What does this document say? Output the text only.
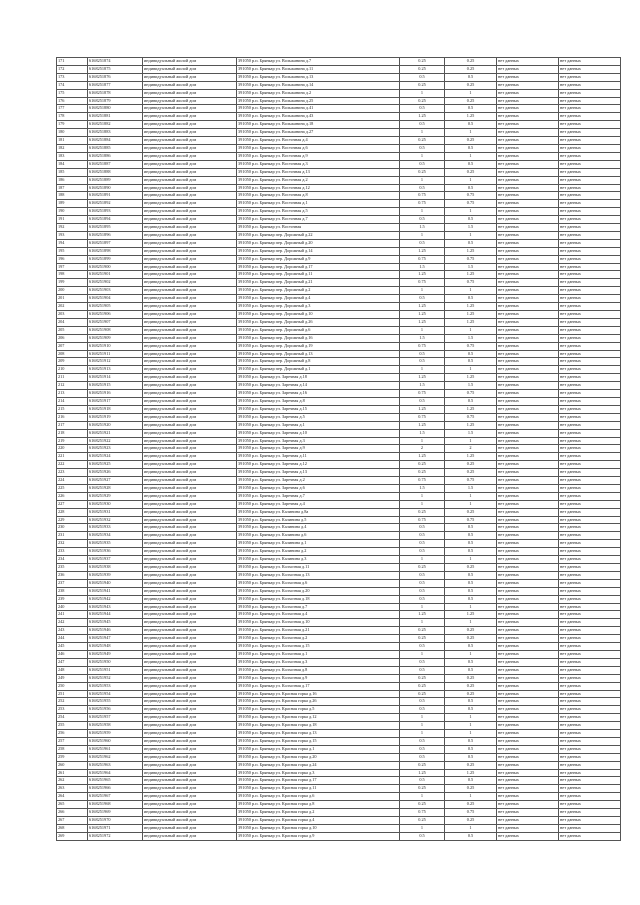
171	6168251874	индивидуальный жилой дом	391050 р.п. Брянкар ул. Вольжанина д.7	0.25	0.25	нет данных	нет данных
172	6168251875	индивидуальный жилой дом	391050 р.п. Брянкар ул. Вольжанина д.11	0.25	0.25	нет данных	нет данных
173	6168251876	индивидуальный жилой дом	391050 р.п. Брянкар ул. Вольжанина д.13	0.5	0.5	нет данных	нет данных
174	6168251877	индивидуальный жилой дом	391050 р.п. Брянкар ул. Вольжанина д.14	0.25	0.25	нет данных	нет данных
175	6168251878	индивидуальный жилой дом	391050 р.п. Брянкар ул. Вольжанина д.2	1	1	нет данных	нет данных
176	6168251879	индивидуальный жилой дом	391050 р.п. Брянкар ул. Вольжанина д.25	0.25	0.25	нет данных	нет данных
177	6168251880	индивидуальный жилой дом	391050 р.п. Брянкар ул. Вольжанина д.41	0.5	0.5	нет данных	нет данных
178	6168251881	индивидуальный жилой дом	391050 р.п. Брянкар ул. Вольжанина д.43	1.25	1.25	нет данных	нет данных
179	6168251882	индивидуальный жилой дом	391050 р.п. Брянкар ул. Вольжанина д.18	0.5	0.5	нет данных	нет данных
180	6168251883	индивидуальный жилой дом	391050 р.п. Брянкар ул. Вольжанина д.27	1	1	нет данных	нет данных
181	6168251884	индивидуальный жилой дом	391050 р.п. Брянкар ул. Восточная д.4	0.25	0.25	нет данных	нет данных
182	6168251885	индивидуальный жилой дом	391050 р.п. Брянкар ул. Восточная д.6	0.5	0.5	нет данных	нет данных
183	6168251886	индивидуальный жилой дом	391050 р.п. Брянкар ул. Восточная д.9	1	1	нет данных	нет данных
184	6168251887	индивидуальный жилой дом	391050 р.п. Брянкар ул. Восточная д.3	0.5	0.5	нет данных	нет данных
185	6168251888	индивидуальный жилой дом	391050 р.п. Брянкар ул. Восточная д.13	0.25	0.25	нет данных	нет данных
186	6168251889	индивидуальный жилой дом	391050 р.п. Брянкар ул. Восточная д.2	1	1	нет данных	нет данных
187	6168251890	индивидуальный жилой дом	391050 р.п. Брянкар ул. Восточная д.12	0.5	0.5	нет данных	нет данных
188	6168251891	индивидуальный жилой дом	391050 р.п. Брянкар ул. Восточная д.8	0.75	0.75	нет данных	нет данных
189	6168251892	индивидуальный жилой дом	391050 р.п. Брянкар ул. Восточная д.1	0.75	0.75	нет данных	нет данных
190	6168251893	индивидуальный жилой дом	391050 р.п. Брянкар ул. Восточная д.5	1	1	нет данных	нет данных
191	6168251894	индивидуальный жилой дом	391050 р.п. Брянкар ул. Восточная д.7	0.5	0.5	нет данных	нет данных
192	6168251895	индивидуальный жилой дом	391050 р.п. Брянкар ул. Восточная	1.5	1.5	нет данных	нет данных
193	6168251896	индивидуальный жилой дом	391050 р.п. Брянкар пер. Дорожный д.22	1	1	нет данных	нет данных
194	6168251897	индивидуальный жилой дом	391050 р.п. Брянкар пер. Дорожный д.20	0.5	0.5	нет данных	нет данных
195	6168251898	индивидуальный жилой дом	391050 р.п. Брянкар пер. Дорожный д.14	1.25	1.25	нет данных	нет данных
196	6168251899	индивидуальный жилой дом	391050 р.п. Брянкар пер. Дорожный д.9	0.75	0.75	нет данных	нет данных
197	6168251900	индивидуальный жилой дом	391050 р.п. Брянкар пер. Дорожный д.17	1.5	1.5	нет данных	нет данных
198	6168251901	индивидуальный жилой дом	391050 р.п. Брянкар пер. Дорожный д.11	1.25	1.25	нет данных	нет данных
199	6168251902	индивидуальный жилой дом	391050 р.п. Брянкар пер. Дорожный д.21	0.75	0.75	нет данных	нет данных
200	6168251903	индивидуальный жилой дом	391050 р.п. Брянкар пер. Дорожный д.2	1	1	нет данных	нет данных
201	6168251904	индивидуальный жилой дом	391050 р.п. Брянкар пер. Дорожный д.4	0.5	0.5	нет данных	нет данных
202	6168251905	индивидуальный жилой дом	391050 р.п. Брянкар пер. Дорожный д.3	1.25	1.25	нет данных	нет данных
203	6168251906	индивидуальный жилой дом	391050 р.п. Брянкар пер. Дорожный д.10	1.25	1.25	нет данных	нет данных
204	6168251907	индивидуальный жилой дом	391050 р.п. Брянкар пер. Дорожный д.26	1.25	1.25	нет данных	нет данных
205	6168251908	индивидуальный жилой дом	391050 р.п. Брянкар пер. Дорожный д.6	1	1	нет данных	нет данных
206	6168251909	индивидуальный жилой дом	391050 р.п. Брянкар пер. Дорожный д.16	1.5	1.5	нет данных	нет данных
207	6168251910	индивидуальный жилой дом	391050 р.п. Брянкар пер. Дорожный д.19	0.75	0.75	нет данных	нет данных
208	6168251911	индивидуальный жилой дом	391050 р.п. Брянкар пер. Дорожный д.13	0.5	0.5	нет данных	нет данных
209	6168251912	индивидуальный жилой дом	391050 р.п. Брянкар пер. Дорожный д.8	0.5	0.5	нет данных	нет данных
210	6168251913	индивидуальный жилой дом	391050 р.п. Брянкар пер. Дорожный д.1	1	1	нет данных	нет данных
211	6168251914	индивидуальный жилой дом	391050 р.п. Брянкар ул. Заречная д.18	1.25	1.25	нет данных	нет данных
212	6168251915	индивидуальный жилой дом	391050 р.п. Брянкар ул. Заречная д.14	1.5	1.5	нет данных	нет данных
213	6168251916	индивидуальный жилой дом	391050 р.п. Брянкар ул. Заречная д.16	0.75	0.75	нет данных	нет данных
214	6168251917	индивидуальный жилой дом	391050 р.п. Брянкар ул. Заречная д.8	0.5	0.5	нет данных	нет данных
215	6168251918	индивидуальный жилой дом	391050 р.п. Брянкар ул. Заречная д.15	1.25	1.25	нет данных	нет данных
216	6168251919	индивидуальный жилой дом	391050 р.п. Брянкар ул. Заречная д.5	0.75	0.75	нет данных	нет данных
217	6168251920	индивидуальный жилой дом	391050 р.п. Брянкар ул. Заречная д.1	1.25	1.25	нет данных	нет данных
218	6168251921	индивидуальный жилой дом	391050 р.п. Брянкар ул. Заречная д.10	1.5	1.5	нет данных	нет данных
219	6168251922	индивидуальный жилой дом	391050 р.п. Брянкар ул. Заречная д.3	1	1	нет данных	нет данных
220	6168251923	индивидуальный жилой дом	391050 р.п. Брянкар ул. Заречная д.9	2	2	нет данных	нет данных
221	6168251924	индивидуальный жилой дом	391050 р.п. Брянкар ул. Заречная д.11	1.25	1.25	нет данных	нет данных
222	6168251925	индивидуальный жилой дом	391050 р.п. Брянкар ул. Заречная д.12	0.25	0.25	нет данных	нет данных
223	6168251926	индивидуальный жилой дом	391050 р.п. Брянкар ул. Заречная д.13	0.25	0.25	нет данных	нет данных
224	6168251927	индивидуальный жилой дом	391050 р.п. Брянкар ул. Заречная д.2	0.75	0.75	нет данных	нет данных
225	6168251928	индивидуальный жилой дом	391050 р.п. Брянкар ул. Заречная д.6	1.5	1.5	нет данных	нет данных
226	6168251929	индивидуальный жилой дом	391050 р.п. Брянкар ул. Заречная д.7	1	1	нет данных	нет данных
227	6168251930	индивидуальный жилой дом	391050 р.п. Брянкар ул. Заречная д.4	1	1	нет данных	нет данных
228	6168251931	индивидуальный жилой дом	391050 р.п. Брянкар ул. Калинина д.8а	0.25	0.25	нет данных	нет данных
229	6168251932	индивидуальный жилой дом	391050 р.п. Брянкар ул. Калинина д.5	0.75	0.75	нет данных	нет данных
230	6168251933	индивидуальный жилой дом	391050 р.п. Брянкар ул. Калинина д.4	0.5	0.5	нет данных	нет данных
231	6168251934	индивидуальный жилой дом	391050 р.п. Брянкар ул. Калинина д.6	0.5	0.5	нет данных	нет данных
232	6168251935	индивидуальный жилой дом	391050 р.п. Брянкар ул. Калинина д.1	0.5	0.5	нет данных	нет данных
233	6168251936	индивидуальный жилой дом	391050 р.п. Брянкар ул. Калинина д.2	0.5	0.5	нет данных	нет данных
234	6168251937	индивидуальный жилой дом	391050 р.п. Брянкар ул. Калинина д.3	1	1	нет данных	нет данных
235	6168251938	индивидуальный жилой дом	391050 р.п. Брянкар ул. Колхозная д.11	0.25	0.25	нет данных	нет данных
236	6168251939	индивидуальный жилой дом	391050 р.п. Брянкар ул. Колхозная д.13	0.5	0.5	нет данных	нет данных
237	6168251940	индивидуальный жилой дом	391050 р.п. Брянкар ул. Колхозная д.6	0.5	0.5	нет данных	нет данных
238	6168251941	индивидуальный жилой дом	391050 р.п. Брянкар ул. Колхозная д.20	0.5	0.5	нет данных	нет данных
239	6168251942	индивидуальный жилой дом	391050 р.п. Брянкар ул. Колхозная д.18	0.5	0.5	нет данных	нет данных
240	6168251943	индивидуальный жилой дом	391050 р.п. Брянкар ул. Колхозная д.7	1	1	нет данных	нет данных
241	6168251944	индивидуальный жилой дом	391050 р.п. Брянкар ул. Колхозная д.4	1.25	1.25	нет данных	нет данных
242	6168251945	индивидуальный жилой дом	391050 р.п. Брянкар ул. Колхозная д.10	1	1	нет данных	нет данных
243	6168251946	индивидуальный жилой дом	391050 р.п. Брянкар ул. Колхозная д.21	0.25	0.25	нет данных	нет данных
244	6168251947	индивидуальный жилой дом	391050 р.п. Брянкар ул. Колхозная д.2	0.25	0.25	нет данных	нет данных
245	6168251948	индивидуальный жилой дом	391050 р.п. Брянкар ул. Колхозная д.15	0.5	0.5	нет данных	нет данных
246	6168251949	индивидуальный жилой дом	391050 р.п. Брянкар ул. Колхозная д.1	1	1	нет данных	нет данных
247	6168251950	индивидуальный жилой дом	391050 р.п. Брянкар ул. Колхозная д.3	0.5	0.5	нет данных	нет данных
248	6168251951	индивидуальный жилой дом	391050 р.п. Брянкар ул. Колхозная д.8	0.5	0.5	нет данных	нет данных
249	6168251952	индивидуальный жилой дом	391050 р.п. Брянкар ул. Колхозная д.9	0.25	0.25	нет данных	нет данных
250	6168251953	индивидуальный жилой дом	391050 р.п. Брянкар ул. Колхозная д.17	0.25	0.25	нет данных	нет данных
251	6168251954	индивидуальный жилой дом	391050 р.п. Брянкар ул. Красная горка д.16	0.25	0.25	нет данных	нет данных
252	6168251955	индивидуальный жилой дом	391050 р.п. Брянкар ул. Красная горка д.26	0.5	0.5	нет данных	нет данных
253	6168251956	индивидуальный жилой дом	391050 р.п. Брянкар ул. Красная горка д.5	0.5	0.5	нет данных	нет данных
254	6168251957	индивидуальный жилой дом	391050 р.п. Брянкар ул. Красная горка д.12	1	1	нет данных	нет данных
255	6168251958	индивидуальный жилой дом	391050 р.п. Брянкар ул. Красная горка д.18	1	1	нет данных	нет данных
256	6168251959	индивидуальный жилой дом	391050 р.п. Брянкар ул. Красная горка д.13	1	1	нет данных	нет данных
257	6168251960	индивидуальный жилой дом	391050 р.п. Брянкар ул. Красная горка д.15	0.5	0.5	нет данных	нет данных
258	6168251961	индивидуальный жилой дом	391050 р.п. Брянкар ул. Красная горка д.1	0.5	0.5	нет данных	нет данных
259	6168251962	индивидуальный жилой дом	391050 р.п. Брянкар ул. Красная горка д.20	0.5	0.5	нет данных	нет данных
260	6168251963	индивидуальный жилой дом	391050 р.п. Брянкар ул. Красная горка д.24	0.25	0.25	нет данных	нет данных
261	6168251964	индивидуальный жилой дом	391050 р.п. Брянкар ул. Красная горка д.3	1.25	1.25	нет данных	нет данных
262	6168251965	индивидуальный жилой дом	391050 р.п. Брянкар ул. Красная горка д.17	0.5	0.5	нет данных	нет данных
263	6168251966	индивидуальный жилой дом	391050 р.п. Брянкар ул. Красная горка д.11	0.25	0.25	нет данных	нет данных
264	6168251967	индивидуальный жилой дом	391050 р.п. Брянкар ул. Красная горка д.6	1	1	нет данных	нет данных
265	6168251968	индивидуальный жилой дом	391050 р.п. Брянкар ул. Красная горка д.8	0.25	0.25	нет данных	нет данных
266	6168251969	индивидуальный жилой дом	391050 р.п. Брянкар ул. Красная горка д.2	0.75	0.75	нет данных	нет данных
267	6168251970	индивидуальный жилой дом	391050 р.п. Брянкар ул. Красная горка д.4	0.25	0.25	нет данных	нет данных
268	6168251971	индивидуальный жилой дом	391050 р.п. Брянкар ул. Красная горка д.10	1	1	нет данных	нет данных
269	6168251972	индивидуальный жилой дом	391050 р.п. Брянкар ул. Красная горка д.9	0.5	0.5	нет данных	нет данных
